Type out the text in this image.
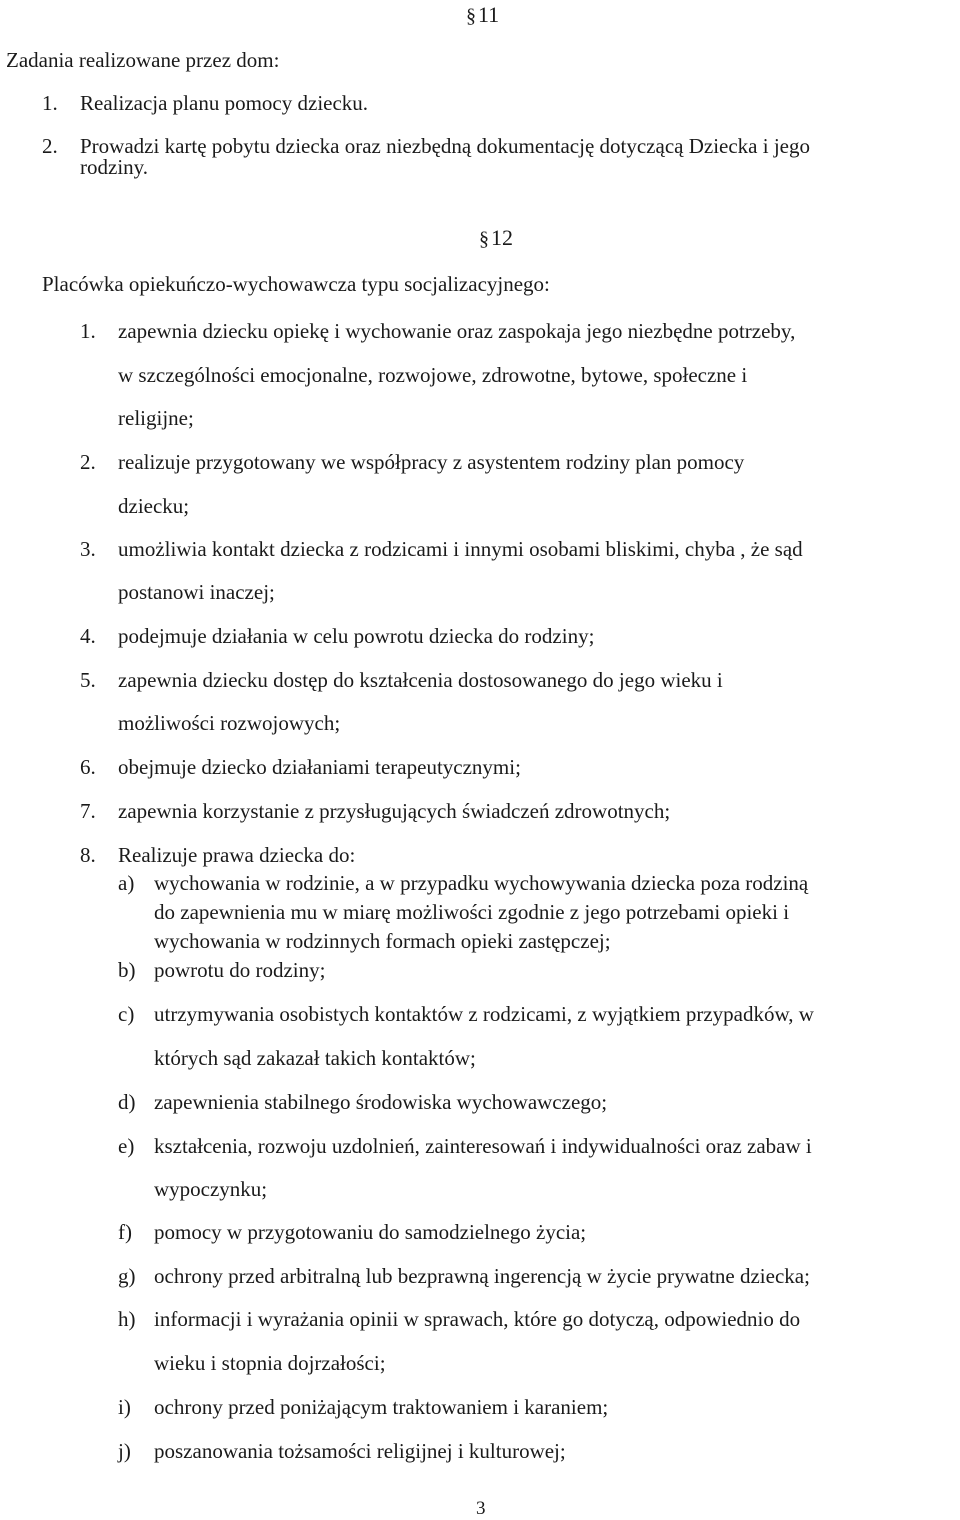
§11
Zadania realizowane przez dom:
1. Realizacja planu pomocy dziecku.
2. Prowadzi kartę pobytu dziecka oraz niezbędną dokumentację dotyczącą Dziecka i jego
rodziny.
§12
Placówka opiekuńczo-wychowawcza typu socjalizacyjnego:
1. zapewnia dziecku opiekę i wychowanie oraz zaspokaja jego niezbędne potrzeby,
w szczególności emocjonalne, rozwojowe, zdrowotne, bytowe, społeczne i
religijne;
2. realizuje przygotowany we współpracy z asystentem rodziny plan pomocy
dziecku;
3. umożliwia kontakt dziecka z rodzicami i innymi osobami bliskimi, chyba , że sąd
postanowi inaczej;
4. podejmuje działania w celu powrotu dziecka do rodziny;
5. zapewnia dziecku dostęp do kształcenia dostosowanego do jego wieku i
możliwości rozwojowych;
6. obejmuje dziecko działaniami terapeutycznymi;
7. zapewnia korzystanie z przysługujących świadczeń zdrowotnych;
8. Realizuje prawa dziecka do:
a) wychowania w rodzinie, a w przypadku wychowywania dziecka poza rodziną
do zapewnienia mu w miarę możliwości zgodnie z jego potrzebami opieki i
wychowania w rodzinnych formach opieki zastępczej;
b) powrotu do rodziny;
c) utrzymywania osobistych kontaktów z rodzicami, z wyjątkiem przypadków, w
których sąd zakazał takich kontaktów;
d) zapewnienia stabilnego środowiska wychowawczego;
e) kształcenia, rozwoju uzdolnień, zainteresowań i indywidualności oraz zabaw i
wypoczynku;
f) pomocy w przygotowaniu do samodzielnego życia;
g) ochrony przed arbitralną lub bezprawną ingerencją w życie prywatne dziecka;
h) informacji i wyrażania opinii w sprawach, które go dotyczą, odpowiednio do
wieku i stopnia dojrzałości;
i) ochrony przed poniżającym traktowaniem i karaniem;
j) poszanowania tożsamości religijnej i kulturowej;
3
